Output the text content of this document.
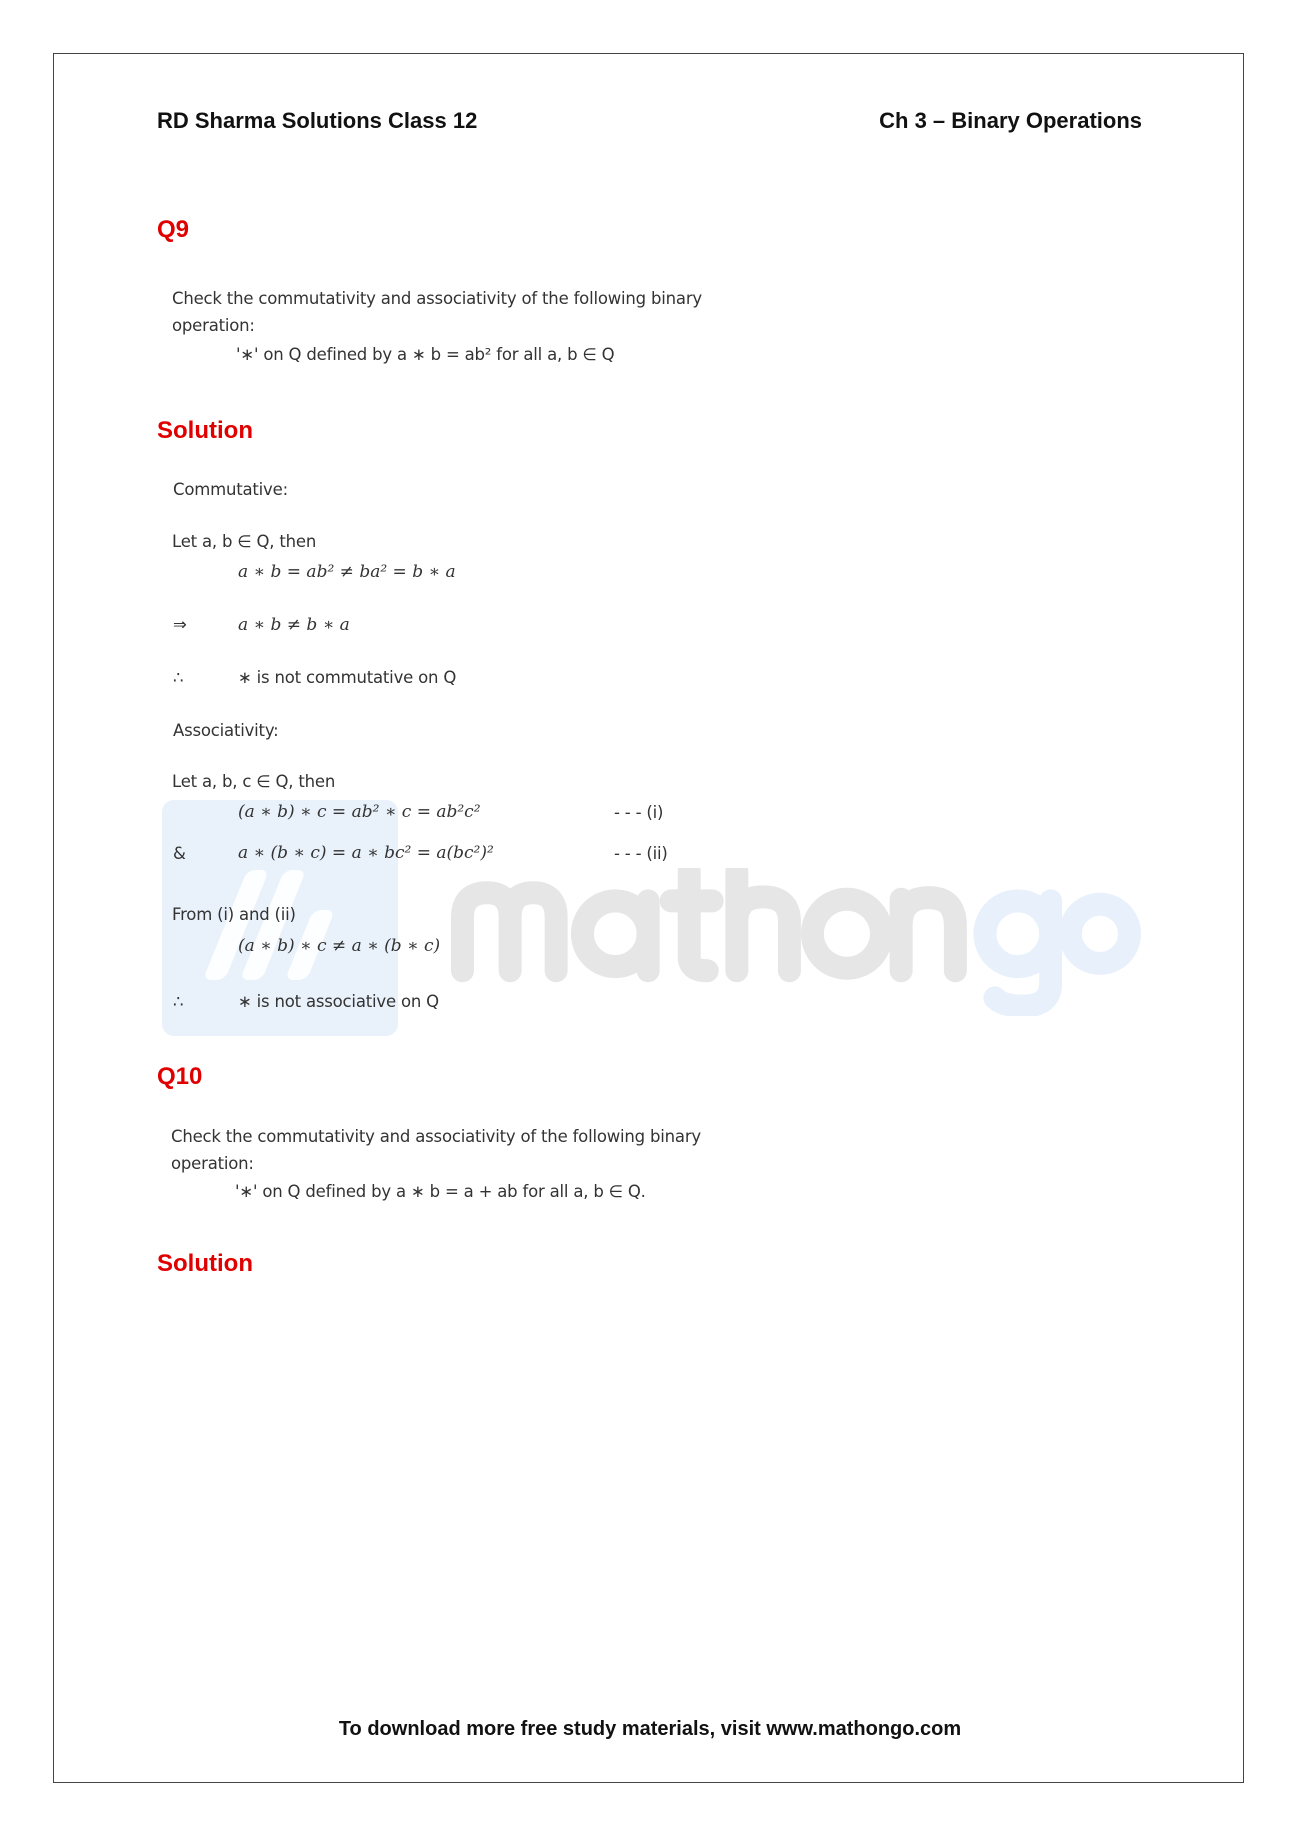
RD Sharma Solutions Class 12	Ch 3 – Binary Operations
Q9
Check the commutativity and associativity of the following binary
operation:
'∗' on Q defined by a ∗ b = ab² for all a, b ∈ Q
Solution
Commutative:
Let a, b ∈ Q, then
a ∗ b = ab² ≠ ba² = b ∗ a
⇒	a ∗ b ≠ b ∗ a
∴	∗ is not commutative on Q
Associativity:
Let a, b, c ∈ Q, then
(a ∗ b) ∗ c = ab² ∗ c = ab²c²	- - - (i)
&	a ∗ (b ∗ c) = a ∗ bc² = a(bc²)²	- - - (ii)
From (i) and (ii)
(a ∗ b) ∗ c ≠ a ∗ (b ∗ c)
∴	∗ is not associative on Q
Q10
Check the commutativity and associativity of the following binary
operation:
'∗' on Q defined by a ∗ b = a + ab for all a, b ∈ Q.
Solution
To download more free study materials, visit www.mathongo.com
